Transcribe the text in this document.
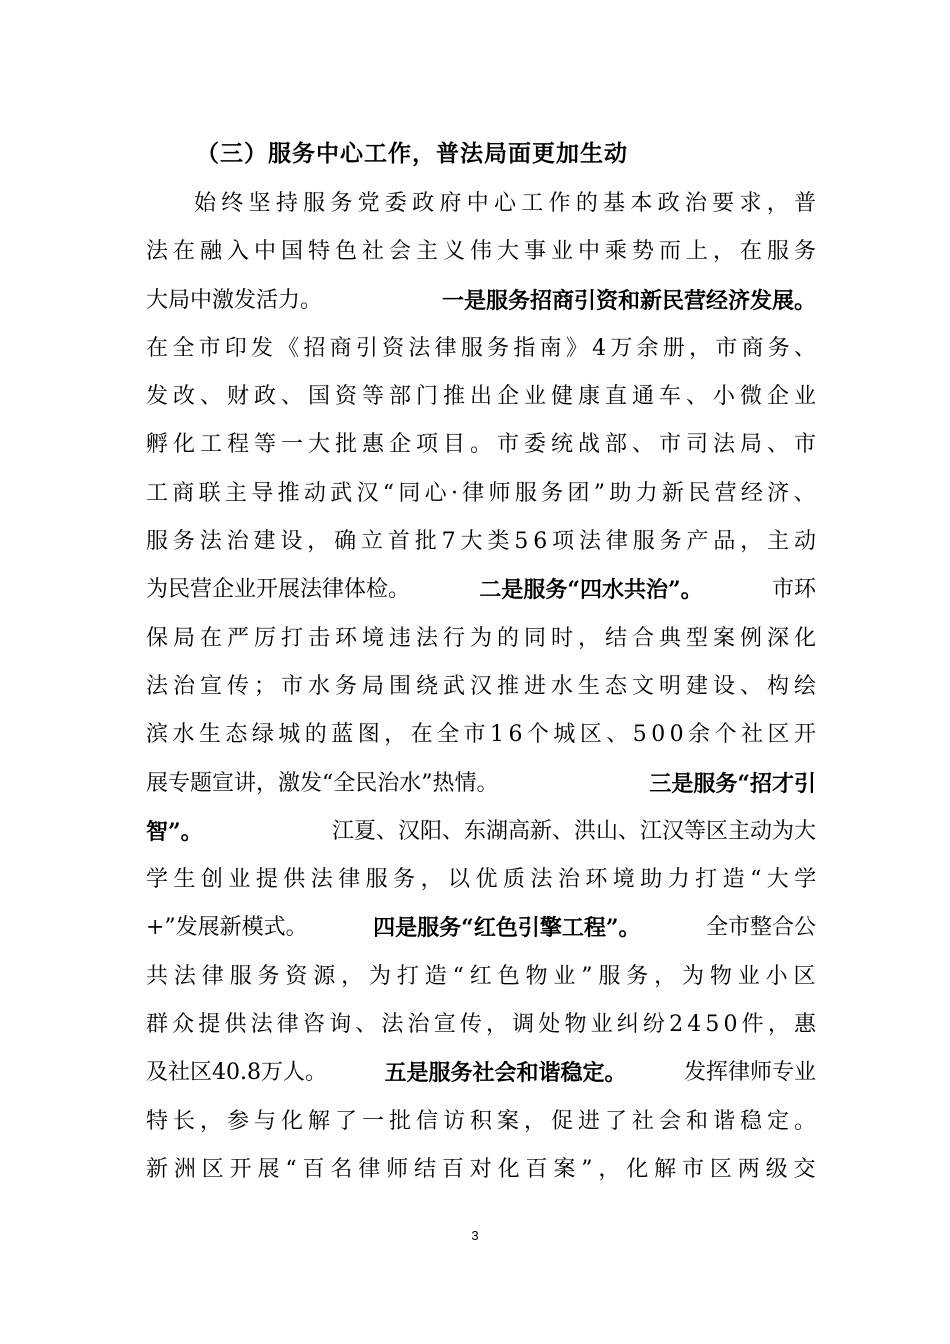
（三）服务中心工作，普法局面更加生动
始终坚持服务党委政府中心工作的基本政治要求，普
法在融入中国特色社会主义伟大事业中乘势而上，在服务
大局中激发活力。	一是服务招商引资和新民营经济发展。
在全市印发《招商引资法律服务指南》4万余册，市商务、
发改、财政、国资等部门推出企业健康直通车、小微企业
孵化工程等一大批惠企项目。市委统战部、市司法局、市
工商联主导推动武汉“同心·律师服务团”助力新民营经济、
服务法治建设，确立首批7大类56项法律服务产品，主动
为民营企业开展法律体检。	二是服务“四水共治”。	市环
保局在严厉打击环境违法行为的同时，结合典型案例深化
法治宣传；市水务局围绕武汉推进水生态文明建设、构绘
滨水生态绿城的蓝图，在全市16个城区、500余个社区开
展专题宣讲，激发“全民治水”热情。	三是服务“招才引
智”。	江夏、汉阳、东湖高新、洪山、江汉等区主动为大
学生创业提供法律服务，以优质法治环境助力打造“大学
+”发展新模式。	四是服务“红色引擎工程”。	全市整合公
共法律服务资源，为打造“红色物业”服务，为物业小区
群众提供法律咨询、法治宣传，调处物业纠纷2450件，惠
及社区40.8万人。	五是服务社会和谐稳定。	发挥律师专业
特长，参与化解了一批信访积案，促进了社会和谐稳定。
新洲区开展“百名律师结百对化百案”，化解市区两级交
3
